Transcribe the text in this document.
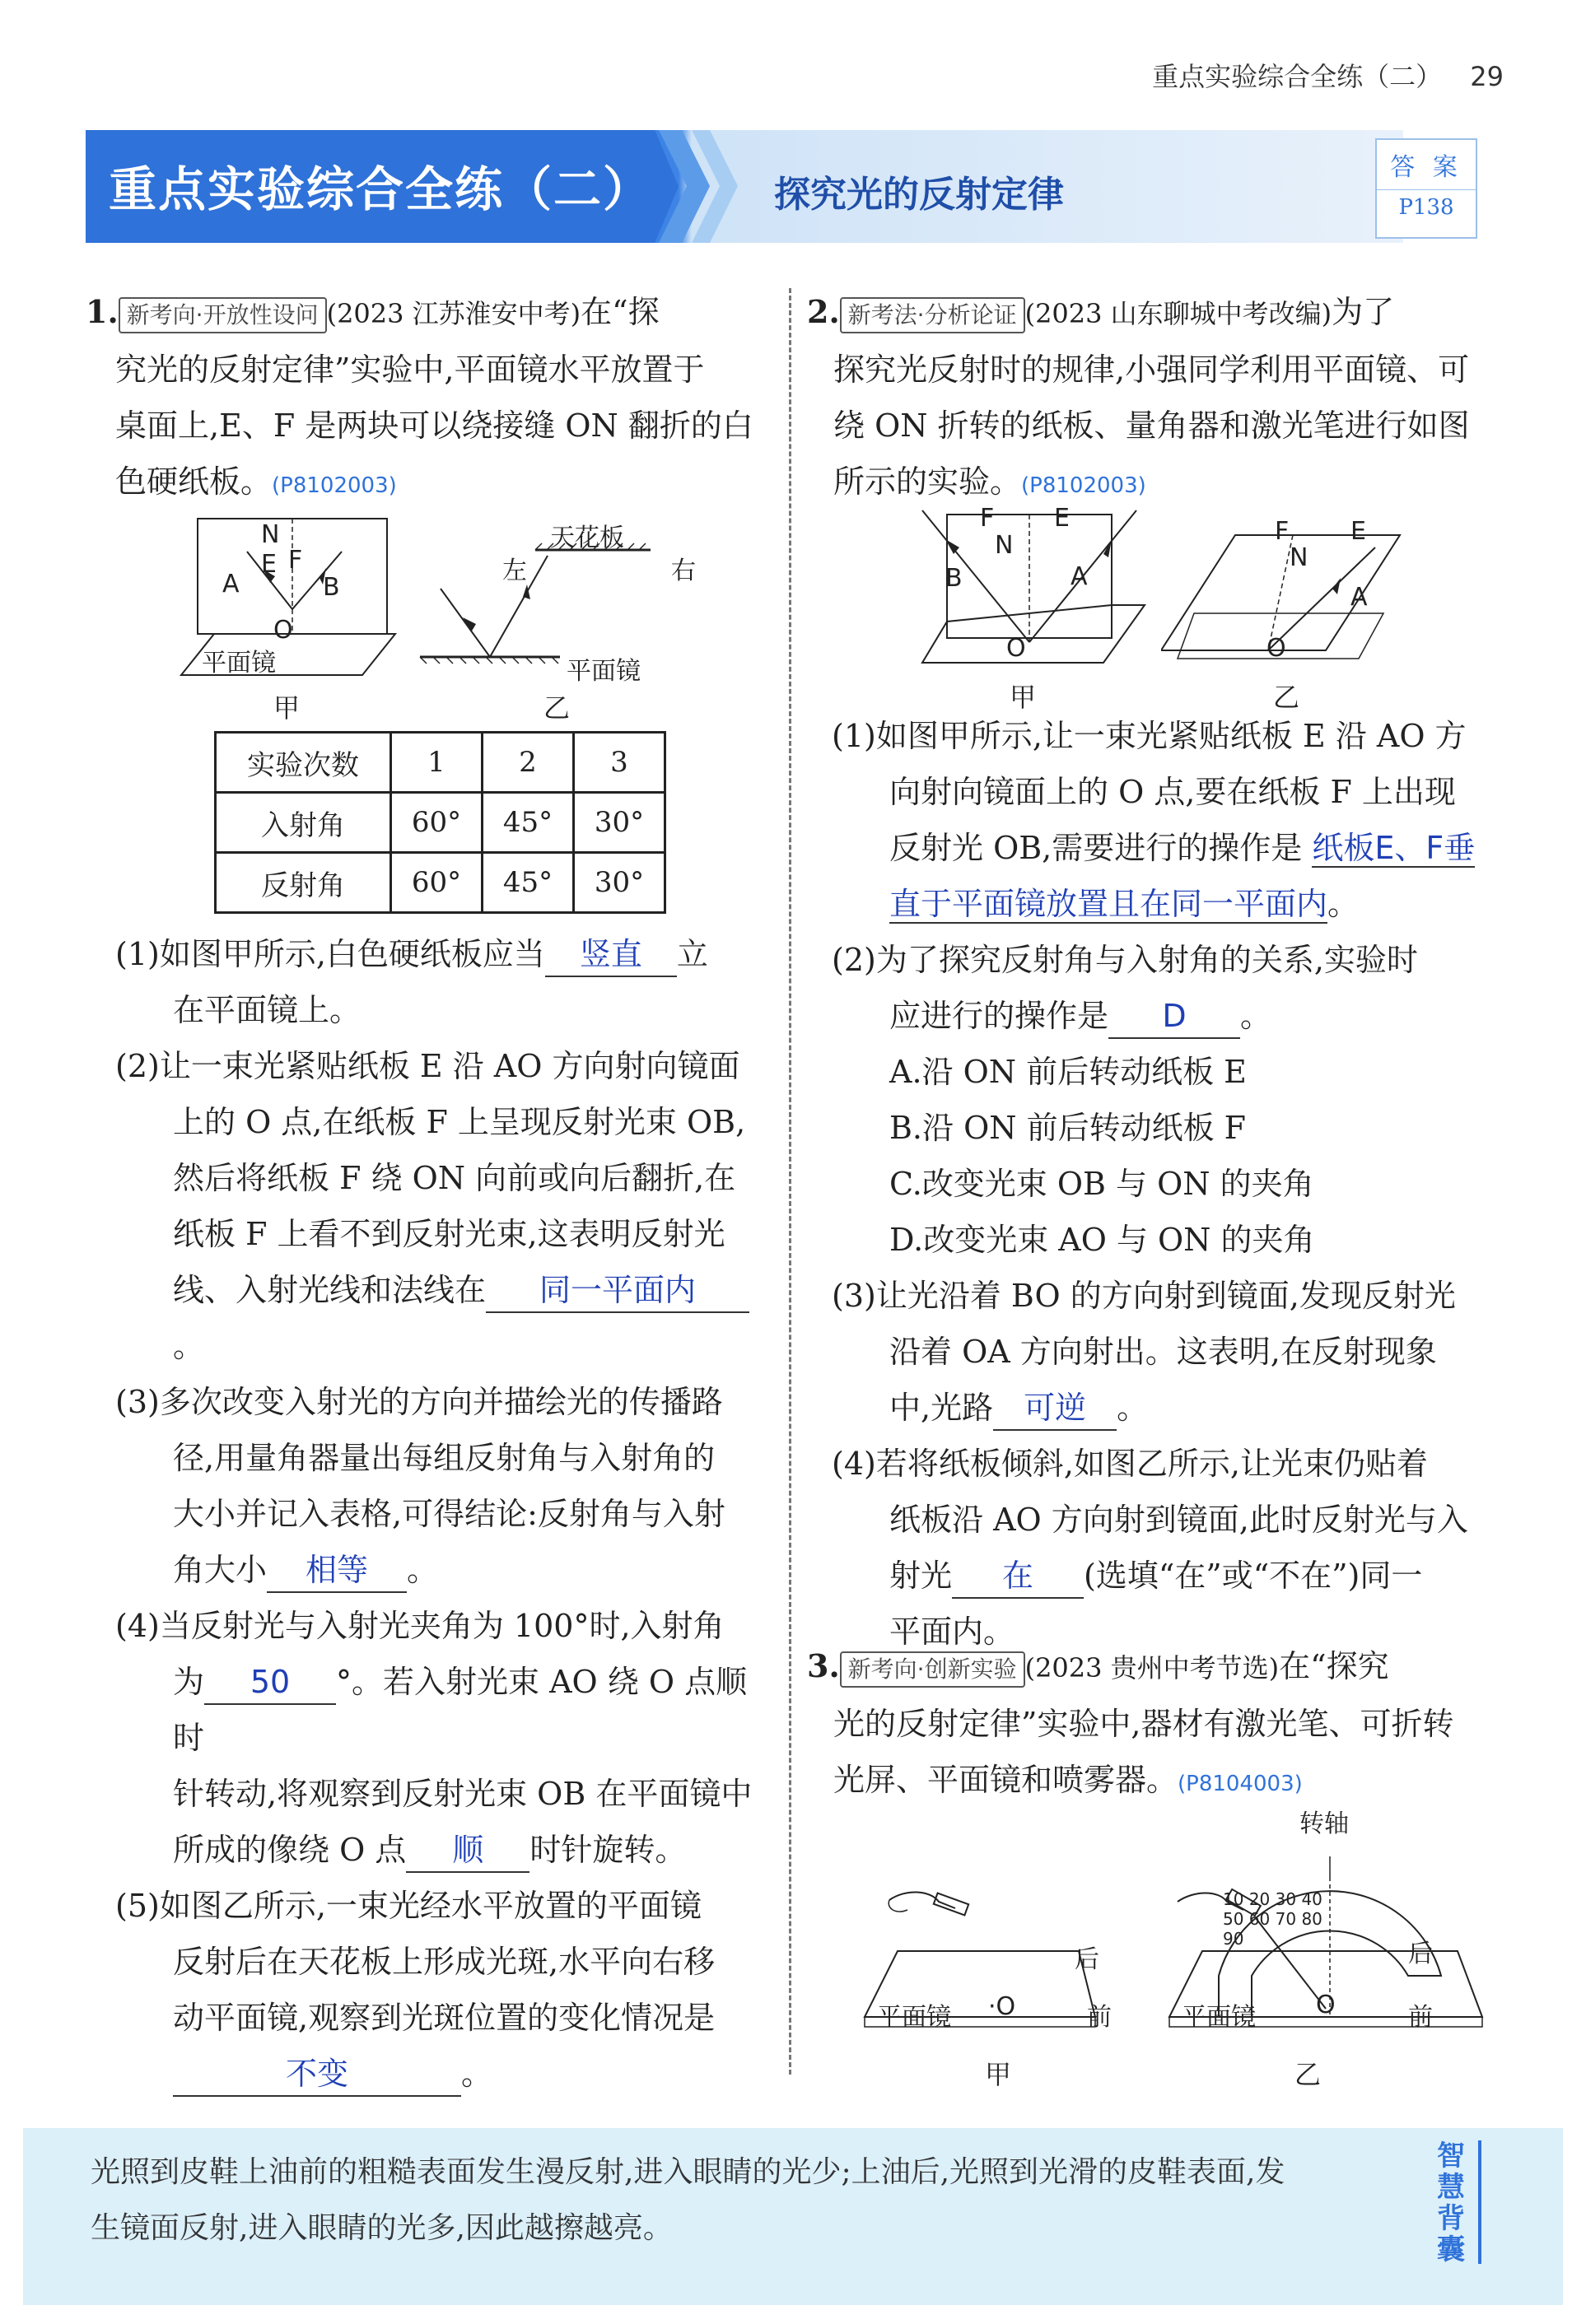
重点实验综合全练（二） 29
重点实验综合全练（二）	探究光的反射定律
答 案
P138
1. 新考向·开放性设问 (2023 江苏淮安中考)在“探
究光的反射定律”实验中,平面镜水平放置于
桌面上,E、F 是两块可以绕接缝 ON 翻折的白
色硬纸板。(P8102003)
N
E F
A	B
O
平面镜
甲
天花板
左	右
平面镜
乙
实验次数	1	2	3
入射角	60°	45°	30°
反射角	60°	45°	30°
(1)如图甲所示,白色硬纸板应当 竖直 立
在平面镜上。
(2)让一束光紧贴纸板 E 沿 AO 方向射向镜面
上的 O 点,在纸板 F 上呈现反射光束 OB,
然后将纸板 F 绕 ON 向前或向后翻折,在
纸板 F 上看不到反射光束,这表明反射光
线、入射光线和法线在 同一平面内。
(3)多次改变入射光的方向并描绘光的传播路
径,用量角器量出每组反射角与入射角的
大小并记入表格,可得结论:反射角与入射
角大小 相等 。
(4)当反射光与入射光夹角为 100°时,入射角
为 50 °。若入射光束 AO 绕 O 点顺时
针转动,将观察到反射光束 OB 在平面镜中
所成的像绕 O 点 顺 时针旋转。
(5)如图乙所示,一束光经水平放置的平面镜
反射后在天花板上形成光斑,水平向右移
动平面镜,观察到光斑位置的变化情况是
不变	。
2. 新考法·分析论证 (2023 山东聊城中考改编)为了
探究光反射时的规律,小强同学利用平面镜、可
绕 ON 折转的纸板、量角器和激光笔进行如图
所示的实验。(P8102003)
F E
N
B	A
O
甲
F E
N
A
O
乙
(1)如图甲所示,让一束光紧贴纸板 E 沿 AO 方
向射向镜面上的 O 点,要在纸板 F 上出现
反射光 OB,需要进行的操作是 纸板E、F垂
直于平面镜放置且在同一平面内。
(2)为了探究反射角与入射角的关系,实验时
应进行的操作是 D 。
A.沿 ON 前后转动纸板 E
B.沿 ON 前后转动纸板 F
C.改变光束 OB 与 ON 的夹角
D.改变光束 AO 与 ON 的夹角
(3)让光沿着 BO 的方向射到镜面,发现反射光
沿着 OA 方向射出。这表明,在反射现象
中,光路 可逆 。
(4)若将纸板倾斜,如图乙所示,让光束仍贴着
纸板沿 AO 方向射到镜面,此时反射光与入
射光 在 (选填“在”或“不在”)同一
平面内。
3. 新考向·创新实验 (2023 贵州中考节选)在“探究
光的反射定律”实验中,器材有激光笔、可折转
光屏、平面镜和喷雾器。(P8104003)
后
平面镜 ·O	前
甲
转轴
10 20 30 40 50 60 70 80 90
后
平面镜 O	前
乙
光照到皮鞋上油前的粗糙表面发生漫反射,进入眼睛的光少;上油后,光照到光滑的皮鞋表面,发
生镜面反射,进入眼睛的光多,因此越擦越亮。
智慧背囊
